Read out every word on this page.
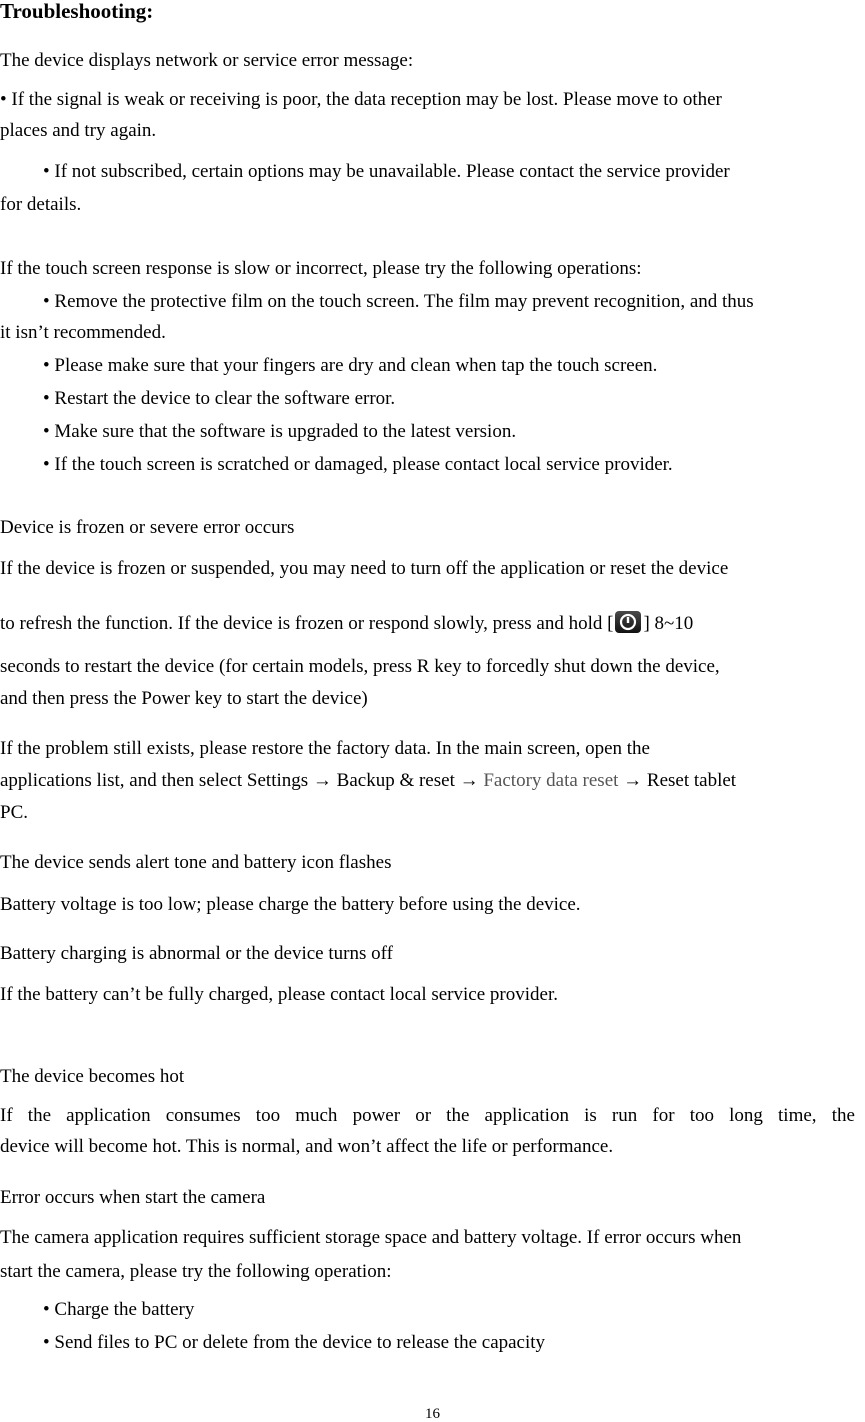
Troubleshooting:
The device displays network or service error message:
• If the signal is weak or receiving is poor, the data reception may be lost. Please move to other
places and try again.
• If not subscribed, certain options may be unavailable. Please contact the service provider
for details.
If the touch screen response is slow or incorrect, please try the following operations:
• Remove the protective film on the touch screen. The film may prevent recognition, and thus
it isn’t recommended.
• Please make sure that your fingers are dry and clean when tap the touch screen.
• Restart the device to clear the software error.
• Make sure that the software is upgraded to the latest version.
• If the touch screen is scratched or damaged, please contact local service provider.
Device is frozen or severe error occurs
If the device is frozen or suspended, you may need to turn off the application or reset the device
to refresh the function. If the device is frozen or respond slowly, press and hold [ ] 8~10
seconds to restart the device (for certain models, press R key to forcedly shut down the device,
and then press the Power key to start the device)
If the problem still exists, please restore the factory data. In the main screen, open the
applications list, and then select Settings → Backup & reset → Factory data reset → Reset tablet
PC.
The device sends alert tone and battery icon flashes
Battery voltage is too low; please charge the battery before using the device.
Battery charging is abnormal or the device turns off
If the battery can’t be fully charged, please contact local service provider.
The device becomes hot
If the application consumes too much power or the application is run for too long time, the
device will become hot. This is normal, and won’t affect the life or performance.
Error occurs when start the camera
The camera application requires sufficient storage space and battery voltage. If error occurs when
start the camera, please try the following operation:
• Charge the battery
• Send files to PC or delete from the device to release the capacity
16
